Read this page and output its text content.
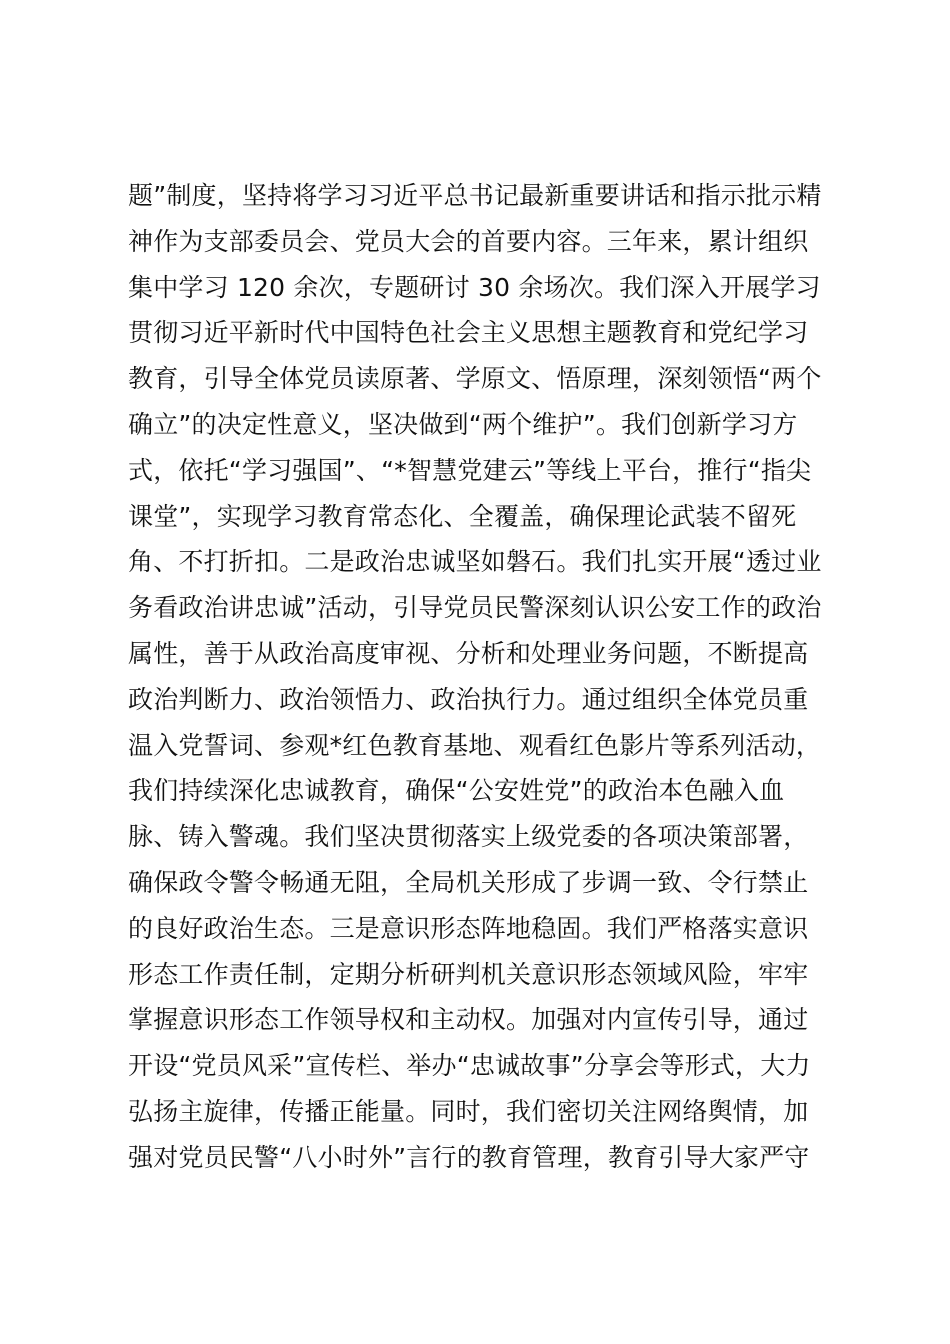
题”制度，坚持将学习习近平总书记最新重要讲话和指示批示精
神作为支部委员会、党员大会的首要内容。三年来，累计组织
集中学习 120 余次，专题研讨 30 余场次。我们深入开展学习
贯彻习近平新时代中国特色社会主义思想主题教育和党纪学习
教育，引导全体党员读原著、学原文、悟原理，深刻领悟“两个
确立”的决定性意义，坚决做到“两个维护”。我们创新学习方
式，依托“学习强国”、“*智慧党建云”等线上平台，推行“指尖
课堂”，实现学习教育常态化、全覆盖，确保理论武装不留死
角、不打折扣。二是政治忠诚坚如磐石。我们扎实开展“透过业
务看政治讲忠诚”活动，引导党员民警深刻认识公安工作的政治
属性，善于从政治高度审视、分析和处理业务问题，不断提高
政治判断力、政治领悟力、政治执行力。通过组织全体党员重
温入党誓词、参观*红色教育基地、观看红色影片等系列活动，
我们持续深化忠诚教育，确保“公安姓党”的政治本色融入血
脉、铸入警魂。我们坚决贯彻落实上级党委的各项决策部署，
确保政令警令畅通无阻，全局机关形成了步调一致、令行禁止
的良好政治生态。三是意识形态阵地稳固。我们严格落实意识
形态工作责任制，定期分析研判机关意识形态领域风险，牢牢
掌握意识形态工作领导权和主动权。加强对内宣传引导，通过
开设“党员风采”宣传栏、举办“忠诚故事”分享会等形式，大力
弘扬主旋律，传播正能量。同时，我们密切关注网络舆情，加
强对党员民警“八小时外”言行的教育管理，教育引导大家严守
